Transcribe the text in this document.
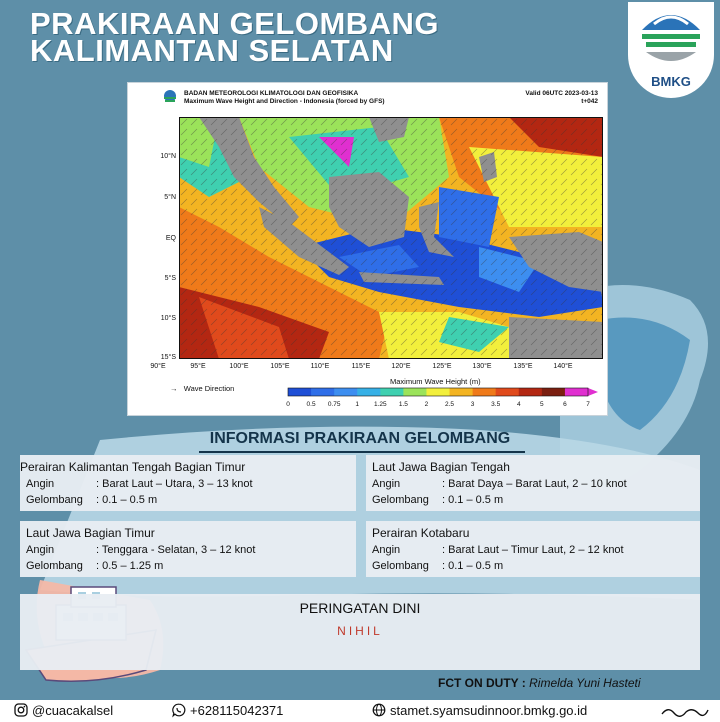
PRAKIRAAN GELOMBANG
KALIMANTAN SELATAN
BMKG
BADAN METEOROLOGI KLIMATOLOGI DAN GEOFISIKA
Maximum Wave Height and Direction - Indonesia (forced by GFS)
Valid 06UTC 2023-03-13
t+042
10°N
5°N
EQ
5°S
10°S
15°S
90°E	95°E	100°E	105°E	110°E	115°E	120°E	125°E	130°E	135°E	140°E
→ Wave Direction
Maximum Wave Height (m)
0	0.5 0.75 1 1.25 1.5	2	2.5	3	3.5	4	5	6	7
INFORMASI PRAKIRAAN GELOMBANG
Perairan Kalimantan Tengah Bagian Timur
Angin	: Barat Laut – Utara, 3 – 13 knot
Gelombang : 0.1 – 0.5 m
Laut Jawa Bagian Tengah
Angin	: Barat Daya – Barat Laut, 2 – 10 knot
Gelombang : 0.1 – 0.5 m
Laut Jawa Bagian Timur
Angin	: Tenggara - Selatan, 3 – 12 knot
Gelombang : 0.5 – 1.25 m
Perairan Kotabaru
Angin	: Barat Laut – Timur Laut, 2 – 12 knot
Gelombang : 0.1 – 0.5 m
PERINGATAN DINI
NIHIL
FCT ON DUTY : Rimelda Yuni Hasteti
@cuacakalsel	+628115042371	stamet.syamsudinnoor.bmkg.go.id
